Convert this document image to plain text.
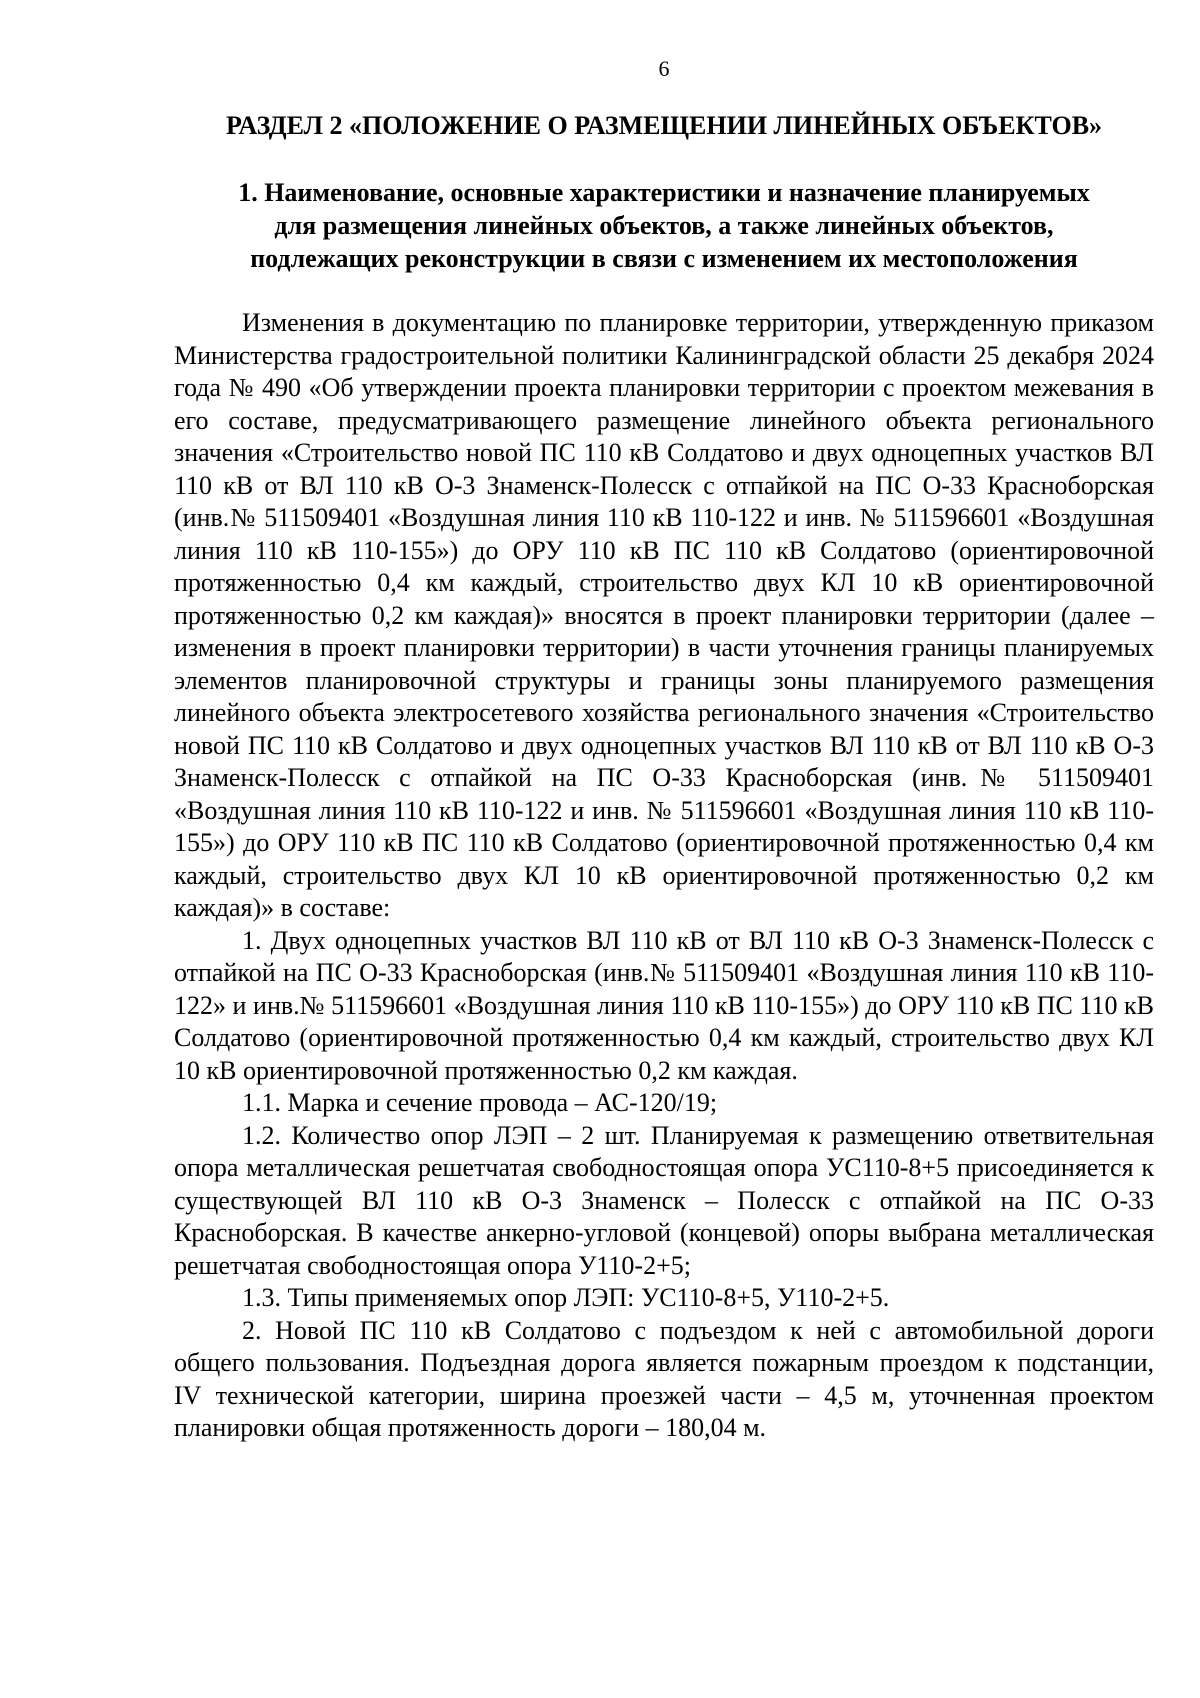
6
РАЗДЕЛ 2 «ПОЛОЖЕНИЕ О РАЗМЕЩЕНИИ ЛИНЕЙНЫХ ОБЪЕКТОВ»
1. Наименование, основные характеристики и назначение планируемых
для размещения линейных объектов, а также линейных объектов,
подлежащих реконструкции в связи с изменением их местоположения

Изменения в документацию по планировке территории, утвержденную приказом Министерства градостроительной политики Калининградской области 25 декабря 2024 года № 490 «Об утверждении проекта планировки территории с проектом межевания в его составе, предусматривающего размещение линейного объекта регионального значения «Строительство новой ПС 110 кВ Солдатово и двух одноцепных участков ВЛ 110 кВ от ВЛ 110 кВ О-3 Знаменск-Полесск с отпайкой на ПС О-33 Красноборская (инв.№ 511509401 «Воздушная линия 110 кВ 110-122 и инв. № 511596601 «Воздушная линия 110 кВ 110-155») до ОРУ 110 кВ ПС 110 кВ Солдатово (ориентировочной протяженностью 0,4 км каждый, строительство двух КЛ 10 кВ ориентировочной протяженностью 0,2 км каждая)» вносятся в проект планировки территории (далее – изменения в проект планировки территории) в части уточнения границы планируемых элементов планировочной структуры и границы зоны планируемого размещения линейного объекта электросетевого хозяйства регионального значения «Строительство новой ПС 110 кВ Солдатово и двух одноцепных участков ВЛ 110 кВ от ВЛ 110 кВ О-3 Знаменск-Полесск с отпайкой на ПС О-33 Красноборская (инв.№ 511509401 «Воздушная линия 110 кВ 110-122 и инв. № 511596601 «Воздушная линия 110 кВ 110-155») до ОРУ 110 кВ ПС 110 кВ Солдатово (ориентировочной протяженностью 0,4 км каждый, строительство двух КЛ 10 кВ ориентировочной протяженностью 0,2 км каждая)» в составе:

1. Двух одноцепных участков ВЛ 110 кВ от ВЛ 110 кВ О-3 Знаменск-Полесск с отпайкой на ПС О-33 Красноборская (инв.№ 511509401 «Воздушная линия 110 кВ 110-122» и инв.№ 511596601 «Воздушная линия 110 кВ 110-155») до ОРУ 110 кВ ПС 110 кВ Солдатово (ориентировочной протяженностью 0,4 км каждый, строительство двух КЛ 10 кВ ориентировочной протяженностью 0,2 км каждая.

1.1. Марка и сечение провода – АС-120/19;

1.2. Количество опор ЛЭП – 2 шт. Планируемая к размещению ответвительная опора металлическая решетчатая свободностоящая опора УС110-8+5 присоединяется к существующей ВЛ 110 кВ О-3 Знаменск – Полесск с отпайкой на ПС О-33 Красноборская. В качестве анкерно-угловой (концевой) опоры выбрана металлическая решетчатая свободностоящая опора У110-2+5;

1.3. Типы применяемых опор ЛЭП: УС110-8+5, У110-2+5.

2. Новой ПС 110 кВ Солдатово с подъездом к ней с автомобильной дороги общего пользования. Подъездная дорога является пожарным проездом к подстанции, IV технической категории, ширина проезжей части – 4,5 м, уточненная проектом планировки общая протяженность дороги – 180,04 м.
